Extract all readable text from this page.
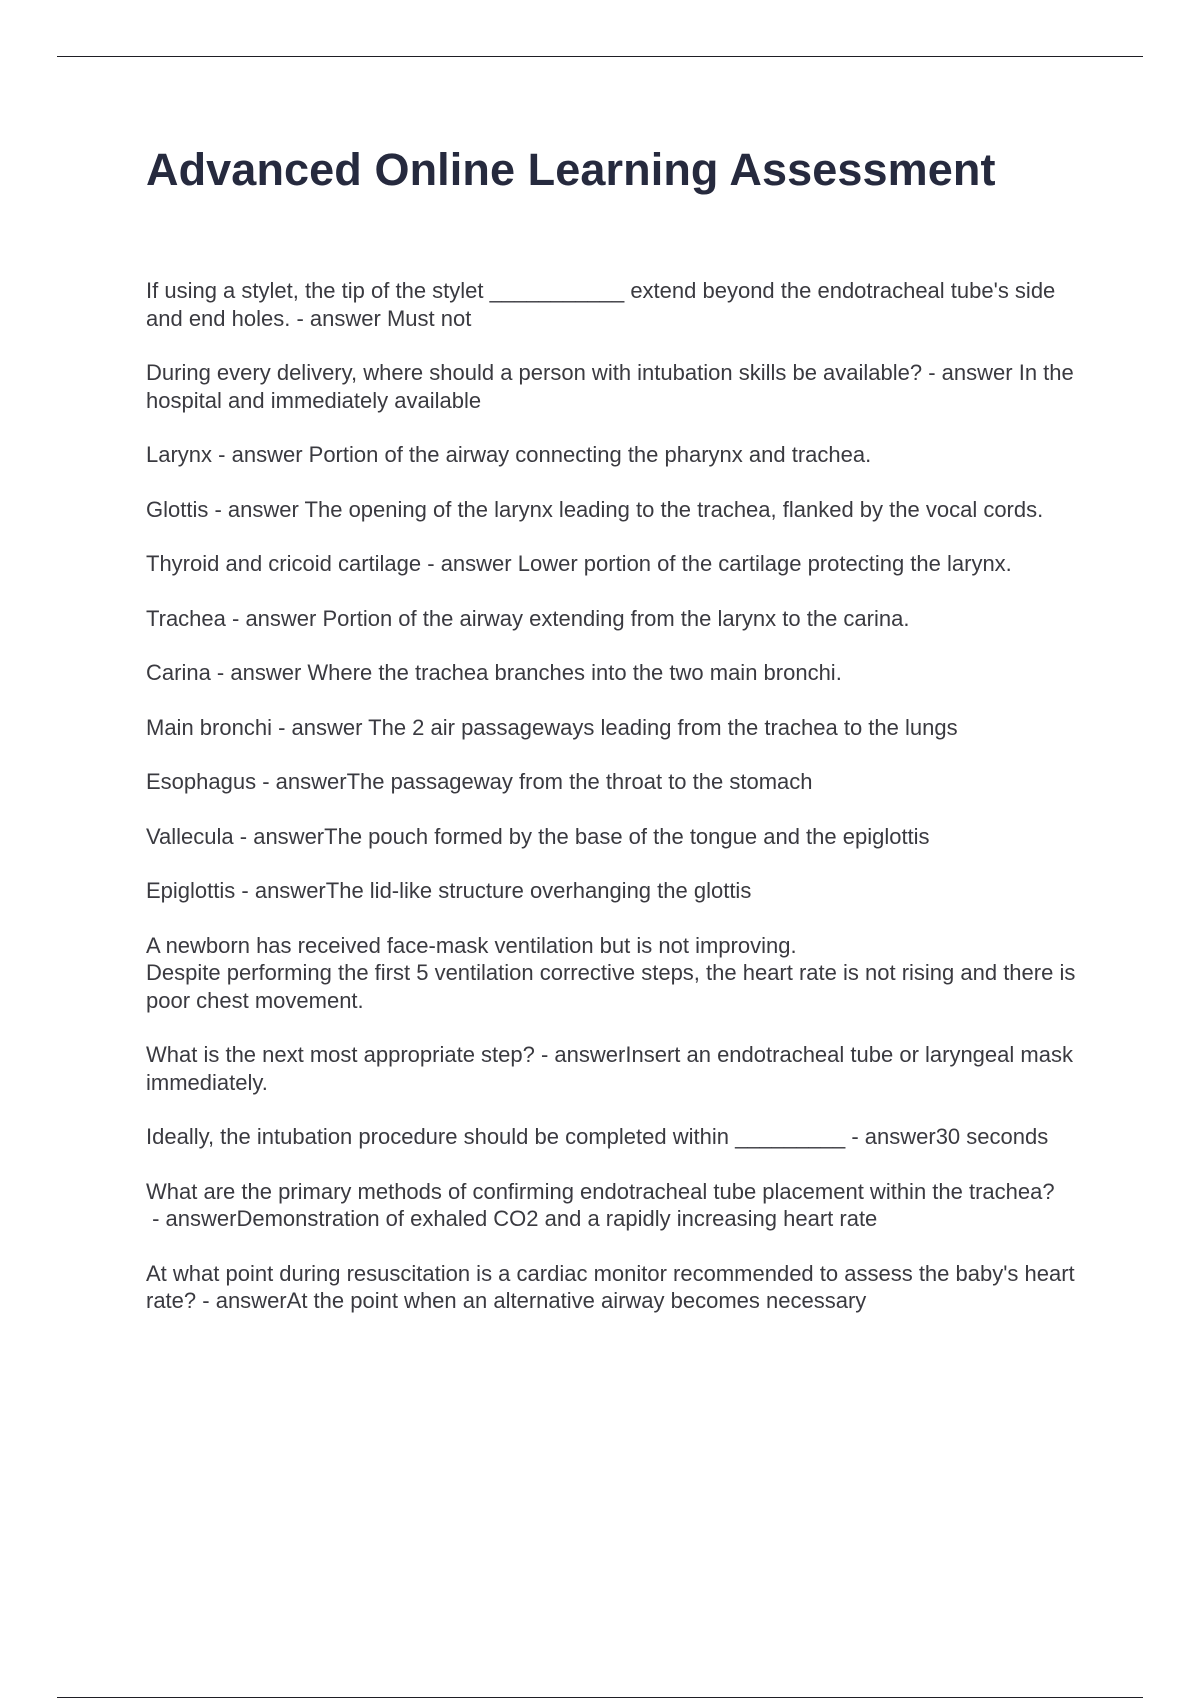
Advanced Online Learning Assessment

If using a stylet, the tip of the stylet ___________ extend beyond the endotracheal tube's side and end holes. - answer Must not

During every delivery, where should a person with intubation skills be available? - answer In the hospital and immediately available

Larynx - answer Portion of the airway connecting the pharynx and trachea.

Glottis - answer The opening of the larynx leading to the trachea, flanked by the vocal cords.

Thyroid and cricoid cartilage - answer Lower portion of the cartilage protecting the larynx.

Trachea - answer Portion of the airway extending from the larynx to the carina.

Carina - answer Where the trachea branches into the two main bronchi.

Main bronchi - answer The 2 air passageways leading from the trachea to the lungs

Esophagus - answerThe passageway from the throat to the stomach

Vallecula - answerThe pouch formed by the base of the tongue and the epiglottis

Epiglottis - answerThe lid-like structure overhanging the glottis

A newborn has received face-mask ventilation but is not improving.
Despite performing the first 5 ventilation corrective steps, the heart rate is not rising and there is poor chest movement.

What is the next most appropriate step? - answerInsert an endotracheal tube or laryngeal mask immediately.

Ideally, the intubation procedure should be completed within _________ - answer30 seconds

What are the primary methods of confirming endotracheal tube placement within the trachea? - answerDemonstration of exhaled CO2 and a rapidly increasing heart rate

At what point during resuscitation is a cardiac monitor recommended to assess the baby's heart rate? - answerAt the point when an alternative airway becomes necessary
